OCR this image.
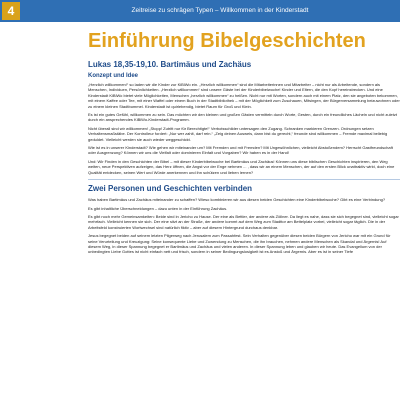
4	Zeitreise zu schrägen Typen – Willkommen in der Kinderstadt
Einführung Bibelgeschichten
Lukas 18,35-19,10. Bartimäus und Zachäus
Konzept und Idee

„Herzlich willkommen!“ so laden wir die Kinder zur KiBiWo ein. „Herzlich willkommen“ sind die Mitarbeiterinnen und Mitarbeiter – nicht nur als Arbeitende, sondern als Menschen, Individuen, Persönlichkeiten. „Herzlich willkommen“ sind unsere Gäste bei der Kinderbibelwoche! Kinder und Eltern, die den Kopf hereinstrecken. Und eine Kinderstadt KiBiWo bietet viele Möglichkeiten, Menschen „herzlich willkommen“ zu heißen. Nicht nur mit Worten, sondern auch mit einem Platz, den sie angeboten bekommen, mit einem Kaffee oder Tee, mit einer Waffel oder einem Buch in der Stadtbibliothek – mit der Möglichkeit zum Zuschauen, Mitsingen, der Bürgerversammlung beizuwohnen oder zu einem kleinen Stadtbummel. Kinderstadt ist quirlebendig, bietet Raum für Groß und Klein.

Es ist ein gutes Gefühl, willkommen zu sein. Das möchten wir den kleinen und großen Gästen vermitteln durch Worte, Gesten, durch ein freundliches Lächeln und nicht zuletzt durch ein ansprechendes KiBiWo-Kinderstadt-Programm.

Nicht überall sind wir willkommen! „Stopp! Zutritt nur für Berechtigte!“ Verbotsschilder untersagen den Zugang. Schranken markieren Grenzen. Ordnungen setzen Verhaltensmaßstäbe. Der Kontrolleur fordert: „Nur wer zahlt, darf rein.“ „Zeig deinen Ausweis, dann bist du gerecht,“ freunde sind willkommen – Fremde maximal beliebig geduldet. Vielleicht werden sie auch wieder weggeschickt.

Wie ist es in unserer Kinderstadt? Wie gehen wir miteinander um? Mit Fremden und mit Fremden? Mit Ungewöhnlichen, vielleicht Abstoßendem? Herrscht Gastfreundschaft oder Ausgrenzung? Können wir uns die Vielfalt oder dominieren Einfalt und Vorgaben? Wir haben es in der Hand!

Und: Wir Finden in den Geschichten der Bibel – mit dieser Kinderbibelwoche bei Bartimäus und Zachäus! Können uns diese biblischen Geschichten inspirieren, den Weg weiten, neue Perspektiven aufzeigen, das Herz öffnen, die Angst vor der Enge nehmen ... , dass wir an einem Menschen, der auf den ersten Blick unattraktiv wirkt, doch eine Qualität entdecken, seinen Wert und Würde anerkennen und ihn schützen und lieben lernen?

Zwei Personen und Geschichten verbinden

Was haben Bartimäus und Zachäus miteinander zu schaffen? Wieso kombinieren wir aus diesen beiden Geschichten eine Kinderbibelwoche? Gibt es eine Verbindung?

Es gibt inhaltliche Überschneidungen – dazu unten in der Einführung Zachäus.

Es gibt noch mehr Gemeinsamkeiten: Beide sind in Jericho zu Hause. Der eine als Bettler, der andere als Zöllner. Da liegt es nahe, dass sie sich begegnet sind, vielleicht sogar mehrfach. Vielleicht kennen sie sich. Der eine sitzt an der Straße, der andere kommt auf dem Weg zum Stadttor am Bettelplatz vorbei, vielleicht sogar täglich. Die in der Arbeitsfeld konstruierten Wortwechsel sind natürlich fiktiv – aber auf diesem Hintergrund durchaus denkbar.

Jesus begegnet beiden auf seinem letzten Pilgerweg nach Jerusalem zum Passahfest. Sein Verhalten gegenüber diesen beiden Bürgern von Jericho war mit ein Grund für seine Verurteilung und Kreuzigung: Seine konsequente Liebe und Zuwendung zu Menschen, die ihn brauchen, nehmen andere Menschen als Skandal und Ärgernis! Auf diesem Weg, in dieser Spannung begegnet er Bartimäus und Zachäus und vielen anderen. In dieser Spannung leben und glauben wir heute. Das Evangelium von der unbedingten Liebe Gottes ist nicht einfach nett und frisch, sondern in seiner Bedingungslosigkeit ist es Anstoß und Ärgernis. Aber es ist in seiner Tiefe
